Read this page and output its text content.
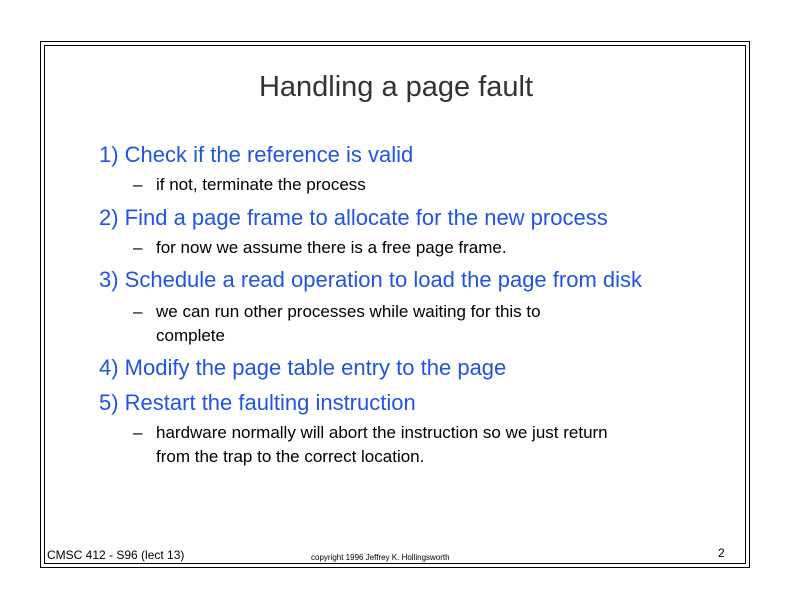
Handling a page fault
1) Check if the reference is valid
– if not, terminate the process
2) Find a page frame to allocate for the new process
– for now we assume there is a free page frame.
3) Schedule a read operation to load the page from disk
– we can run other processes while waiting for this to
complete
4) Modify the page table entry to the page
5) Restart the faulting instruction
– hardware normally will abort the instruction so we just return
from the trap to the correct location.
CMSC 412 - S96 (lect 13)	copyright 1996 Jeffrey K. Hollingsworth	2
